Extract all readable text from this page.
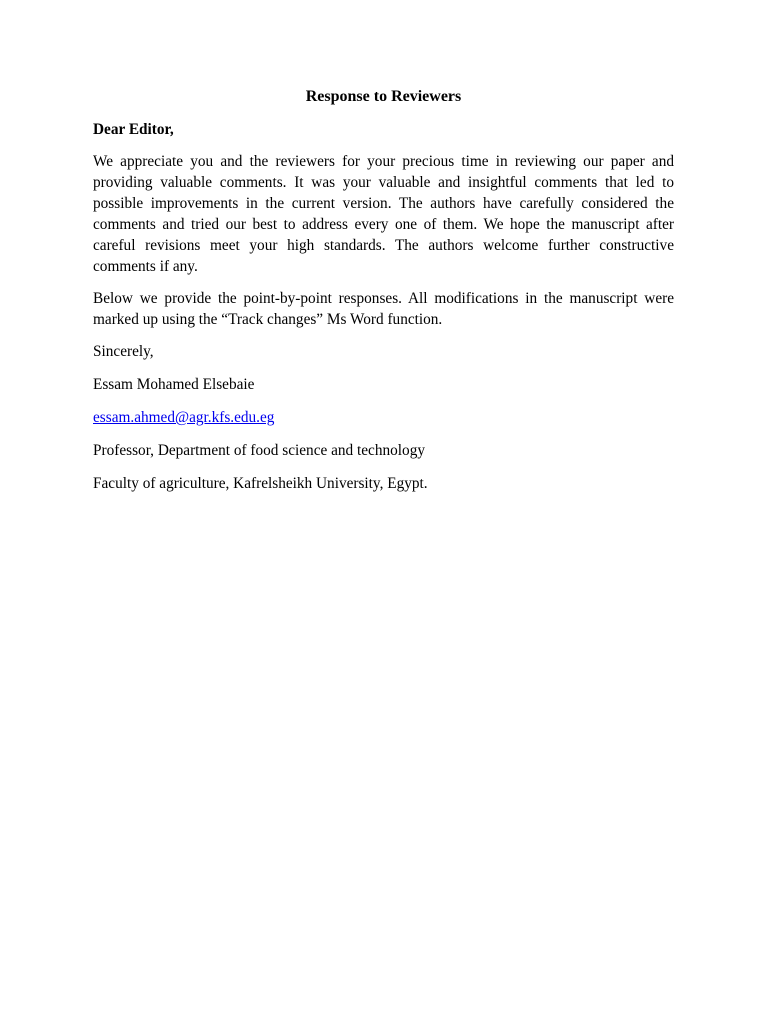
Response to Reviewers
Dear Editor,

We appreciate you and the reviewers for your precious time in reviewing our paper and providing valuable comments. It was your valuable and insightful comments that led to possible improvements in the current version. The authors have carefully considered the comments and tried our best to address every one of them. We hope the manuscript after careful revisions meet your high standards. The authors welcome further constructive comments if any.

Below we provide the point-by-point responses. All modifications in the manuscript were marked up using the “Track changes” Ms Word function.

Sincerely,
Essam Mohamed Elsebaie
essam.ahmed@agr.kfs.edu.eg
Professor, Department of food science and technology
Faculty of agriculture, Kafrelsheikh University, Egypt.
